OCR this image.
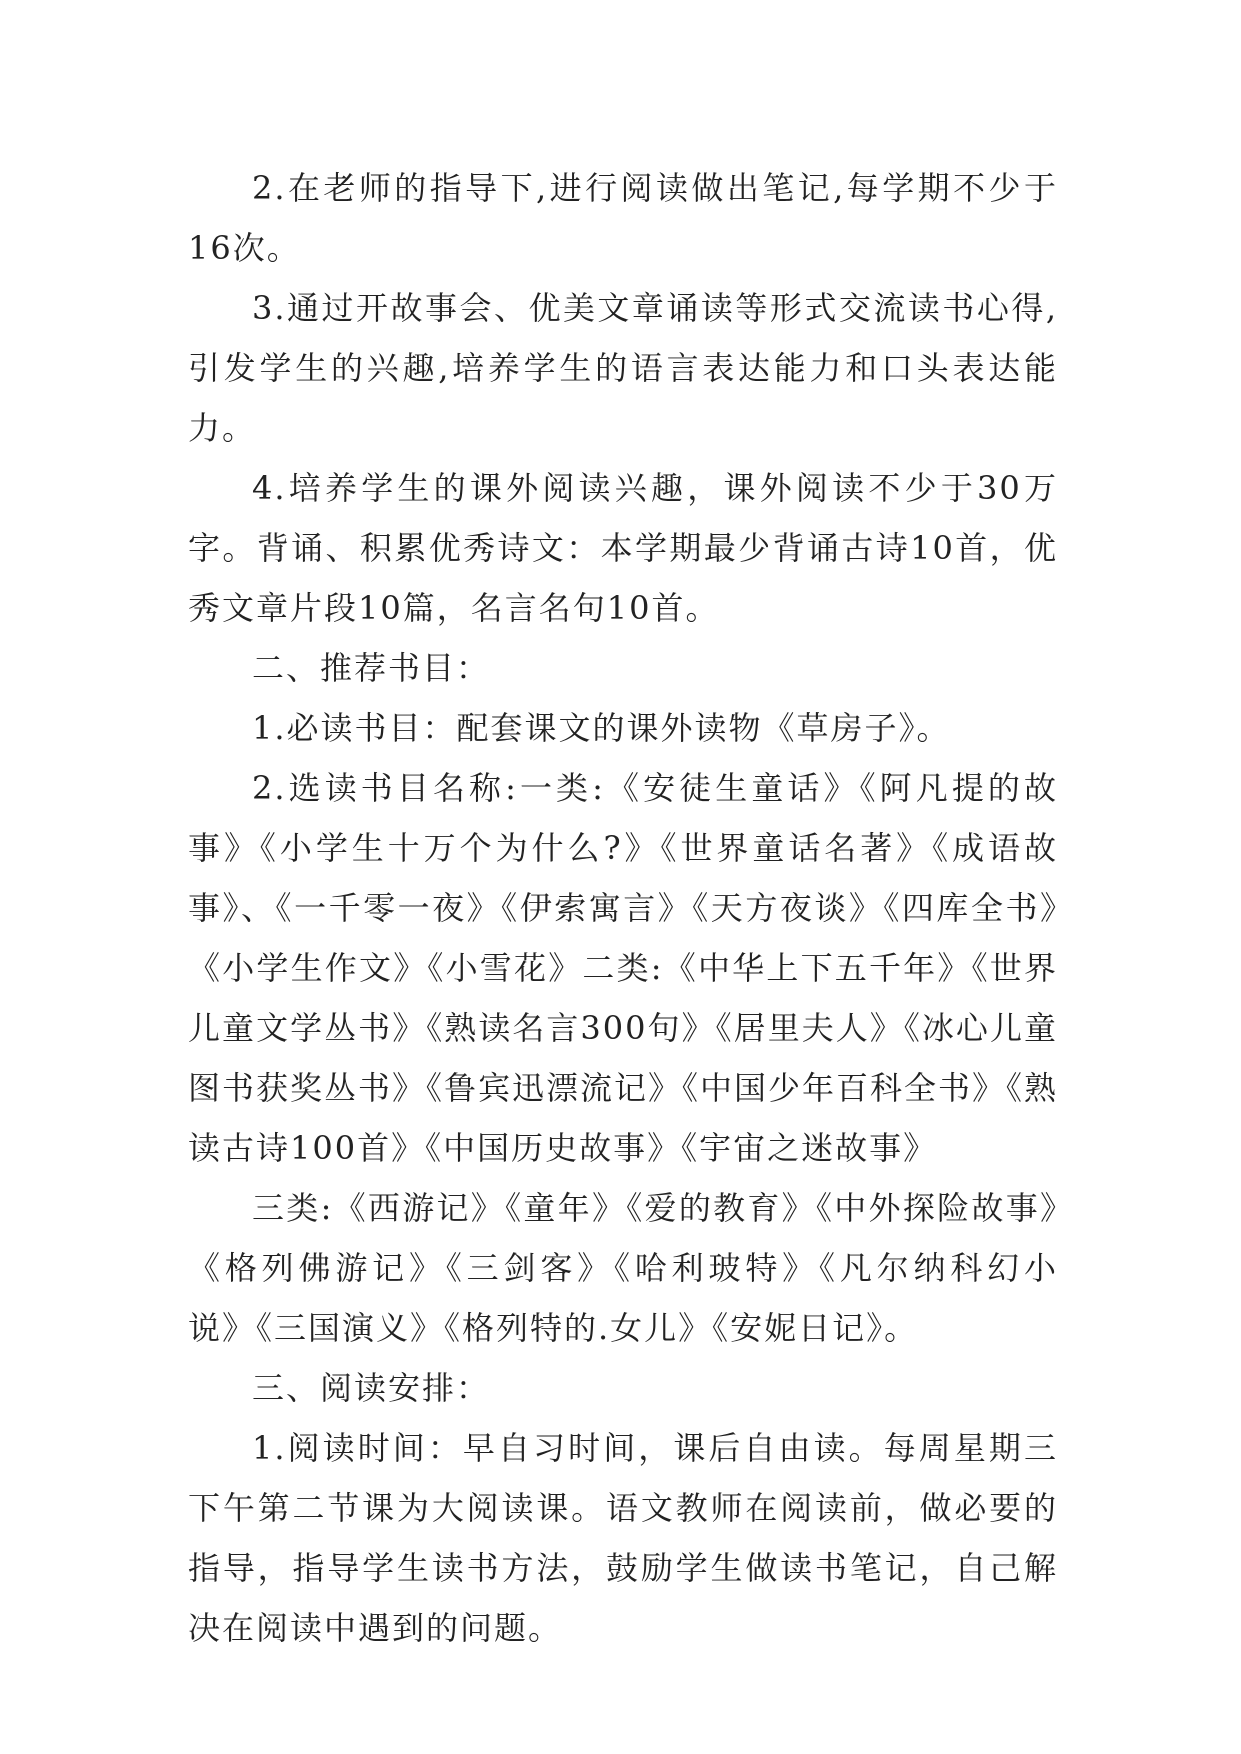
2.在老师的指导下,进行阅读做出笔记,每学期不少于16次。

3.通过开故事会、优美文章诵读等形式交流读书心得,引发学生的兴趣,培养学生的语言表达能力和口头表达能力。

4.培养学生的课外阅读兴趣，课外阅读不少于30万字。背诵、积累优秀诗文：本学期最少背诵古诗10首，优秀文章片段10篇，名言名句10首。

二、推荐书目：

1.必读书目：配套课文的课外读物《草房子》。

2.选读书目名称:一类:《安徒生童话》《阿凡提的故事》《小学生十万个为什么?》《世界童话名著》《成语故事》、《一千零一夜》《伊索寓言》《天方夜谈》《四库全书》《小学生作文》《小雪花》二类:《中华上下五千年》《世界儿童文学丛书》《熟读名言300句》《居里夫人》《冰心儿童图书获奖丛书》《鲁宾迅漂流记》《中国少年百科全书》《熟读古诗100首》《中国历史故事》《宇宙之迷故事》

三类:《西游记》《童年》《爱的教育》《中外探险故事》《格列佛游记》《三剑客》《哈利玻特》《凡尔纳科幻小说》《三国演义》《格列特的.女儿》《安妮日记》。

三、阅读安排：

1.阅读时间：早自习时间，课后自由读。每周星期三下午第二节课为大阅读课。语文教师在阅读前，做必要的指导，指导学生读书方法，鼓励学生做读书笔记，自己解决在阅读中遇到的问题。
